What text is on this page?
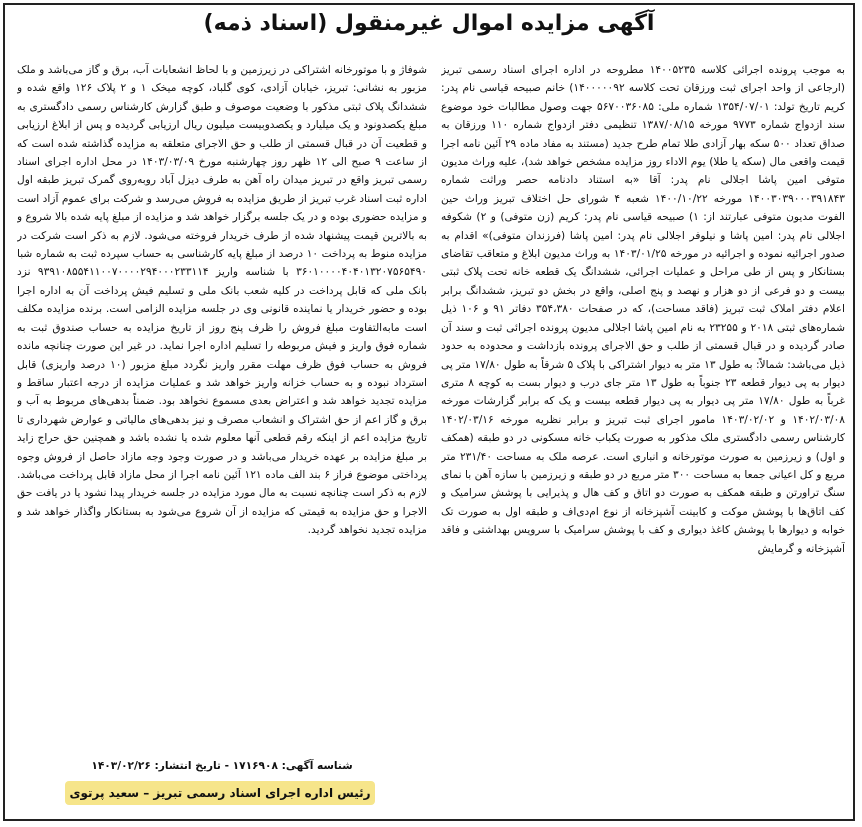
آگهی مزایده اموال غیرمنقول (اسناد ذمه)

به موجب پرونده اجرائی کلاسه ۱۴۰۰۵۲۳۵ مطروحه در اداره اجرای اسناد رسمی تبریز (ارجاعی از واحد اجرای ثبت ورزقان تحت کلاسه ۱۴۰۰۰۰۰۹۲) خانم صبیحه قیاسی نام پدر: کریم تاریخ تولد: ۱۳۵۴/۰۷/۰۱ شماره ملی: ۵۶۷۰۰۳۶۰۸۵ جهت وصول مطالبات خود موضوع سند ازدواج شماره ۹۷۷۳ مورخه ۱۳۸۷/۰۸/۱۵ تنظیمی دفتر ازدواج شماره ۱۱۰ ورزقان به صداق تعداد ۵۰۰ سکه بهار آزادی طلا تمام طرح جدید (مستند به مفاد ماده ۲۹ آئین نامه اجرا قیمت واقعی مال (سکه یا طلا) یوم الاداء روز مزایده مشخص خواهد شد)، علیه وراث مدیون متوفی امین پاشا اجلالی نام پدر: آقا «به استناد دادنامه حصر وراثت شماره ۱۴۰۰۳۰۳۹۰۰۰۳۹۱۸۴۳ مورخه ۱۴۰۰/۱۰/۲۲ شعبه ۴ شورای حل اختلاف تبریز وراث حین الفوت مدیون متوفی عبارتند از: ۱) صبیحه قیاسی نام پدر: کریم (زن متوفی) و ۲) شکوفه اجلالی نام پدر: امین پاشا و نیلوفر اجلالی نام پدر: امین پاشا (فرزندان متوفی)» اقدام به صدور اجرائیه نموده و اجرائیه در مورخه ۱۴۰۳/۰۱/۲۵ به وراث مدیون ابلاغ و متعاقب تقاضای بستانکار و پس از طی مراحل و عملیات اجرائی، ششدانگ یک قطعه خانه تحت پلاک ثبتی بیست و دو فرعی از دو هزار و نهصد و پنج اصلی، واقع در بخش دو تبریز، ششدانگ برابر اعلام دفتر املاک ثبت تبریز (فاقد مساحت)، که در صفحات ۳۵۴،۳۸۰ دفاتر ۹۱ و ۱۰۶ ذیل شماره‌های ثبتی ۲۰۱۸ و ۲۳۲۵۵ به نام امین پاشا اجلالی مدیون پرونده اجرائی ثبت و سند آن صادر گردیده و در قبال قسمتی از طلب و حق الاجرای پرونده بازداشت و محدوده به حدود ذیل می‌باشد: شمالاً: به طول ۱۳ متر به دیوار اشتراکی با پلاک ۵ شرقاً به طول ۱۷/۸۰ متر پی دیوار به پی دیوار قطعه ۲۳ جنوباً به طول ۱۳ متر جای درب و دیوار بست به کوچه ۸ متری غرباً به طول ۱۷/۸۰ متر پی دیوار به پی دیوار قطعه بیست و یک که برابر گزارشات مورخه ۱۴۰۲/۰۳/۰۸ و ۱۴۰۳/۰۲/۰۲ مامور اجرای ثبت تبریز و برابر نظریه مورخه ۱۴۰۲/۰۳/۱۶ کارشناس رسمی دادگستری ملک مذکور به صورت یکباب خانه مسکونی در دو طبقه (همکف و اول) و زیرزمین به صورت موتورخانه و انباری است. عرصه ملک به مساحت ۲۳۱/۴۰ متر مربع و کل اعیانی جمعا به مساحت ۳۰۰ متر مربع در دو طبقه و زیرزمین با سازه آهن با نمای سنگ تراورتن و طبقه همکف به صورت دو اتاق و کف هال و پذیرایی با پوشش سرامیک و کف اتاق‌ها با پوشش موکت و کابینت آشپزخانه از نوع ام‌دی‌اف و طبقه اول به صورت تک خوابه و دیوارها با پوشش کاغذ دیواری و کف با پوشش سرامیک با سرویس بهداشتی و فاقد آشپزخانه و گرمایش

شوفاژ و با موتورخانه اشتراکی در زیرزمین و با لحاظ انشعابات آب، برق و گاز می‌باشد و ملک مزبور به نشانی: تبریز، خیابان آزادی، کوی گلباد، کوچه میخک ۱ و ۲ پلاک ۱۲۶ واقع شده و ششدانگ پلاک ثبتی مذکور با وضعیت موصوف و طبق گزارش کارشناس رسمی دادگستری به مبلغ یکصدونود و یک میلیارد و یکصدوبیست میلیون ریال ارزیابی گردیده و پس از ابلاغ ارزیابی و قطعیت آن در قبال قسمتی از طلب و حق الاجرای متعلقه به مزایده گذاشته شده است که از ساعت ۹ صبح الی ۱۲ ظهر روز چهارشنبه مورخ ۱۴۰۳/۰۳/۰۹ در محل اداره اجرای اسناد رسمی تبریز واقع در تبریز میدان راه آهن به طرف دیزل آباد روبه‌روی گمرک تبریز طبقه اول اداره ثبت اسناد غرب تبریز از طریق مزایده به فروش می‌رسد و شرکت برای عموم آزاد است و مزایده حضوری بوده و در یک جلسه برگزار خواهد شد و مزایده از مبلغ پایه شده بالا شروع و به بالاترین قیمت پیشنهاد شده از طرف خریدار فروخته می‌شود. لازم به ذکر است شرکت در مزایده منوط به پرداخت ۱۰ درصد از مبلغ پایه کارشناسی به حساب سپرده ثبت به شماره شبا ۳۶۰۱۰۰۰۰۴۰۴۰۱۳۲۰۷۵۶۵۴۹۰ با شناسه واریز ۹۳۹۱۰۸۵۵۴۱۱۰۰۷۰۰۰۰۲۹۴۰۰۰۲۳۳۱۱۴ نزد بانک ملی که قابل پرداخت در کلیه شعب بانک ملی و تسلیم فیش پرداخت آن به اداره اجرا بوده و حضور خریدار یا نماینده قانونی وی در جلسه مزایده الزامی است. برنده مزایده مکلف است مابه‌التفاوت مبلغ فروش را ظرف پنج روز از تاریخ مزایده به حساب صندوق ثبت به شماره فوق واریز و فیش مربوطه را تسلیم اداره اجرا نماید. در غیر این صورت چنانچه مانده فروش به حساب فوق ظرف مهلت مقرر واریز نگردد مبلغ مزبور (۱۰ درصد واریزی) قابل استرداد نبوده و به حساب خزانه واریز خواهد شد و عملیات مزایده از درجه اعتبار ساقط و مزایده تجدید خواهد شد و اعتراض بعدی مسموع نخواهد بود. ضمناً بدهی‌های مربوط به آب و برق و گاز اعم از حق اشتراک و انشعاب مصرف و نیز بدهی‌های مالیاتی و عوارض شهرداری تا تاریخ مزایده اعم از اینکه رقم قطعی آنها معلوم شده یا نشده باشد و همچنین حق حراج زاید بر مبلغ مزایده بر عهده خریدار می‌باشد و در صورت وجود وجه مازاد حاصل از فروش وجوه پرداختی موضوع فراز ۶ بند الف ماده ۱۲۱ آئین نامه اجرا از محل مازاد قابل پرداخت می‌باشد. لازم به ذکر است چنانچه نسبت به مال مورد مزایده در جلسه خریدار پیدا نشود یا در یافت حق الاجرا و حق مزایده به قیمتی که مزایده از آن شروع می‌شود به بستانکار واگذار خواهد شد و مزایده تجدید نخواهد گردید.

شناسه آگهی: ۱۷۱۶۹۰۸ - تاریخ انتشار: ۱۴۰۳/۰۲/۲۶
رئیس اداره اجرای اسناد رسمی تبریز – سعید پرتوی
